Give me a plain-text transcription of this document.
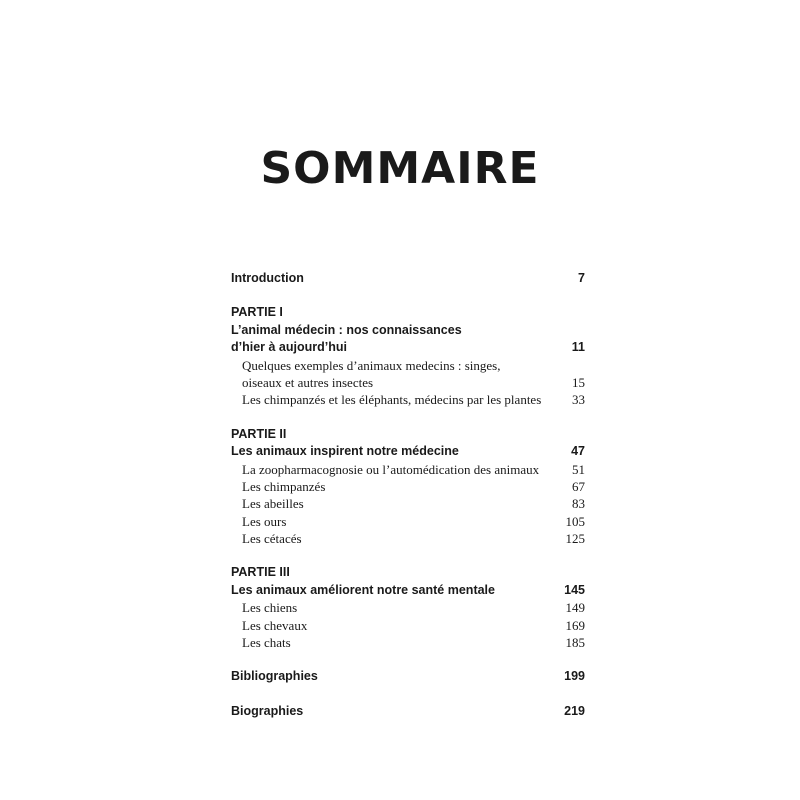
SOMMAIRE
Introduction	7
PARTIE I
L’animal médecin : nos connaissances
d’hier à aujourd’hui	11
Quelques exemples d’animaux medecins : singes,
oiseaux et autres insectes	15
Les chimpanzés et les éléphants, médecins par les plantes 33
PARTIE II
Les animaux inspirent notre médecine	47
La zoopharmacognosie ou l’automédication des animaux	51
Les chimpanzés	67
Les abeilles	83
Les ours	105
Les cétacés	125
PARTIE III
Les animaux améliorent notre santé mentale	145
Les chiens	149
Les chevaux	169
Les chats	185
Bibliographies	199
Biographies	219
